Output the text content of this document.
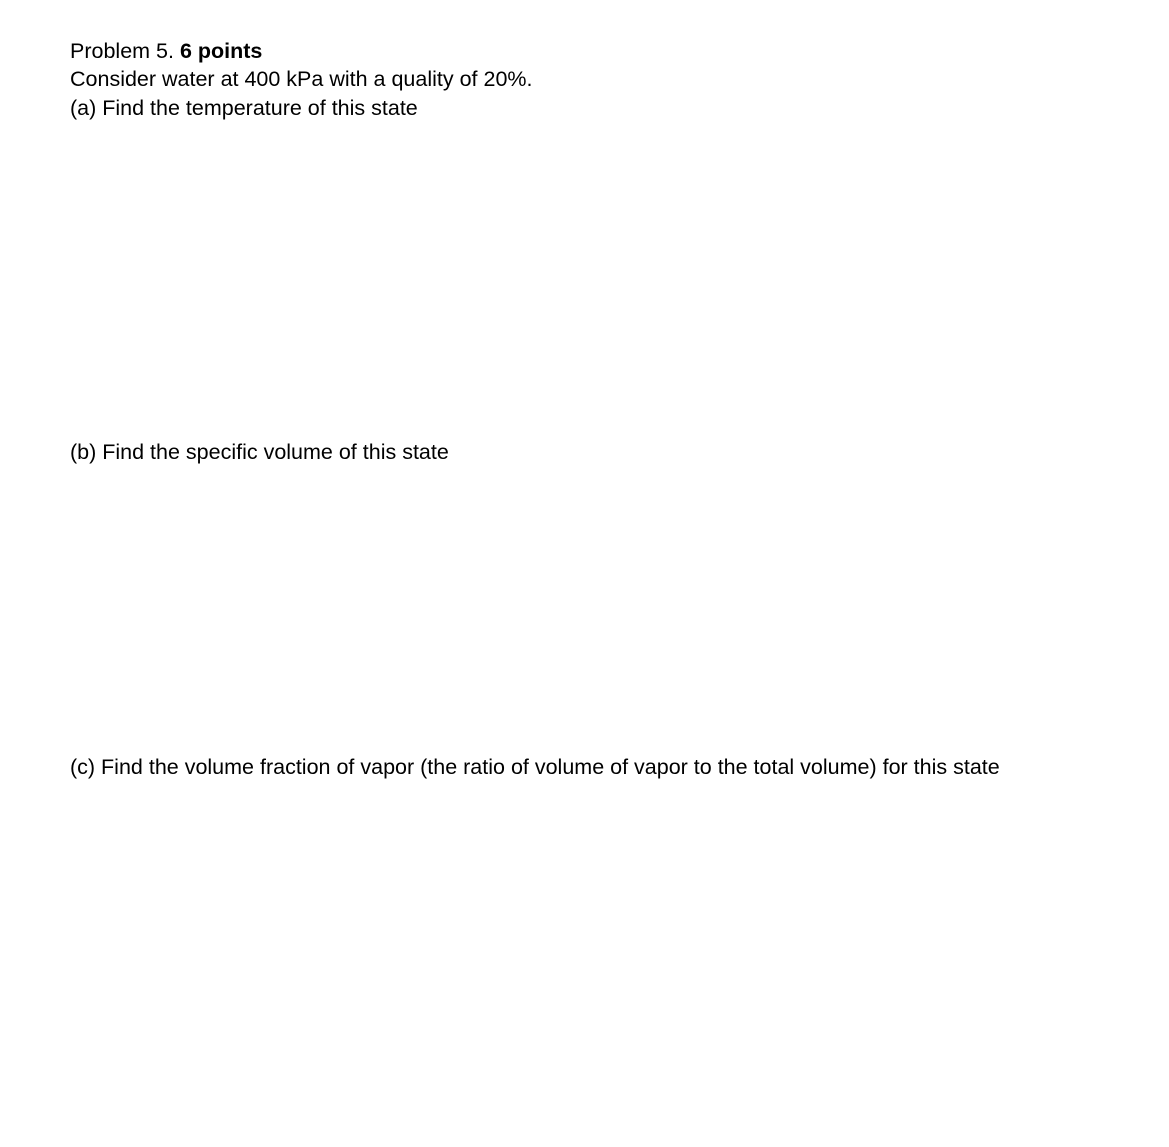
Problem 5. 6 points

Consider water at 400 kPa with a quality of 20%.

(a) Find the temperature of this state

(b) Find the specific volume of this state

(c) Find the volume fraction of vapor (the ratio of volume of vapor to the total volume) for this state
